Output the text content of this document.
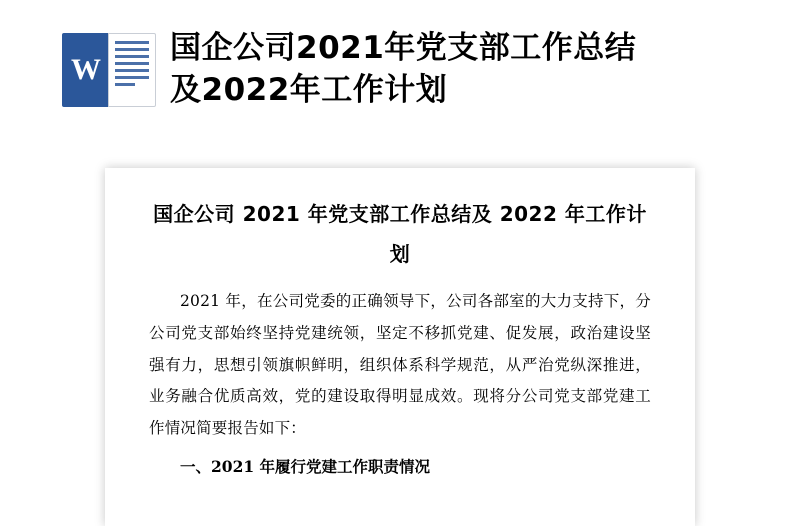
W
国企公司2021年党支部工作总结及2022年工作计划
国企公司 2021 年党支部工作总结及 2022 年工作计划
2021 年，在公司党委的正确领导下，公司各部室的大力支持下，分公司党支部始终坚持党建统领，坚定不移抓党建、促发展，政治建设坚强有力，思想引领旗帜鲜明，组织体系科学规范，从严治党纵深推进，业务融合优质高效，党的建设取得明显成效。现将分公司党支部党建工作情况简要报告如下：
一、2021 年履行党建工作职责情况
